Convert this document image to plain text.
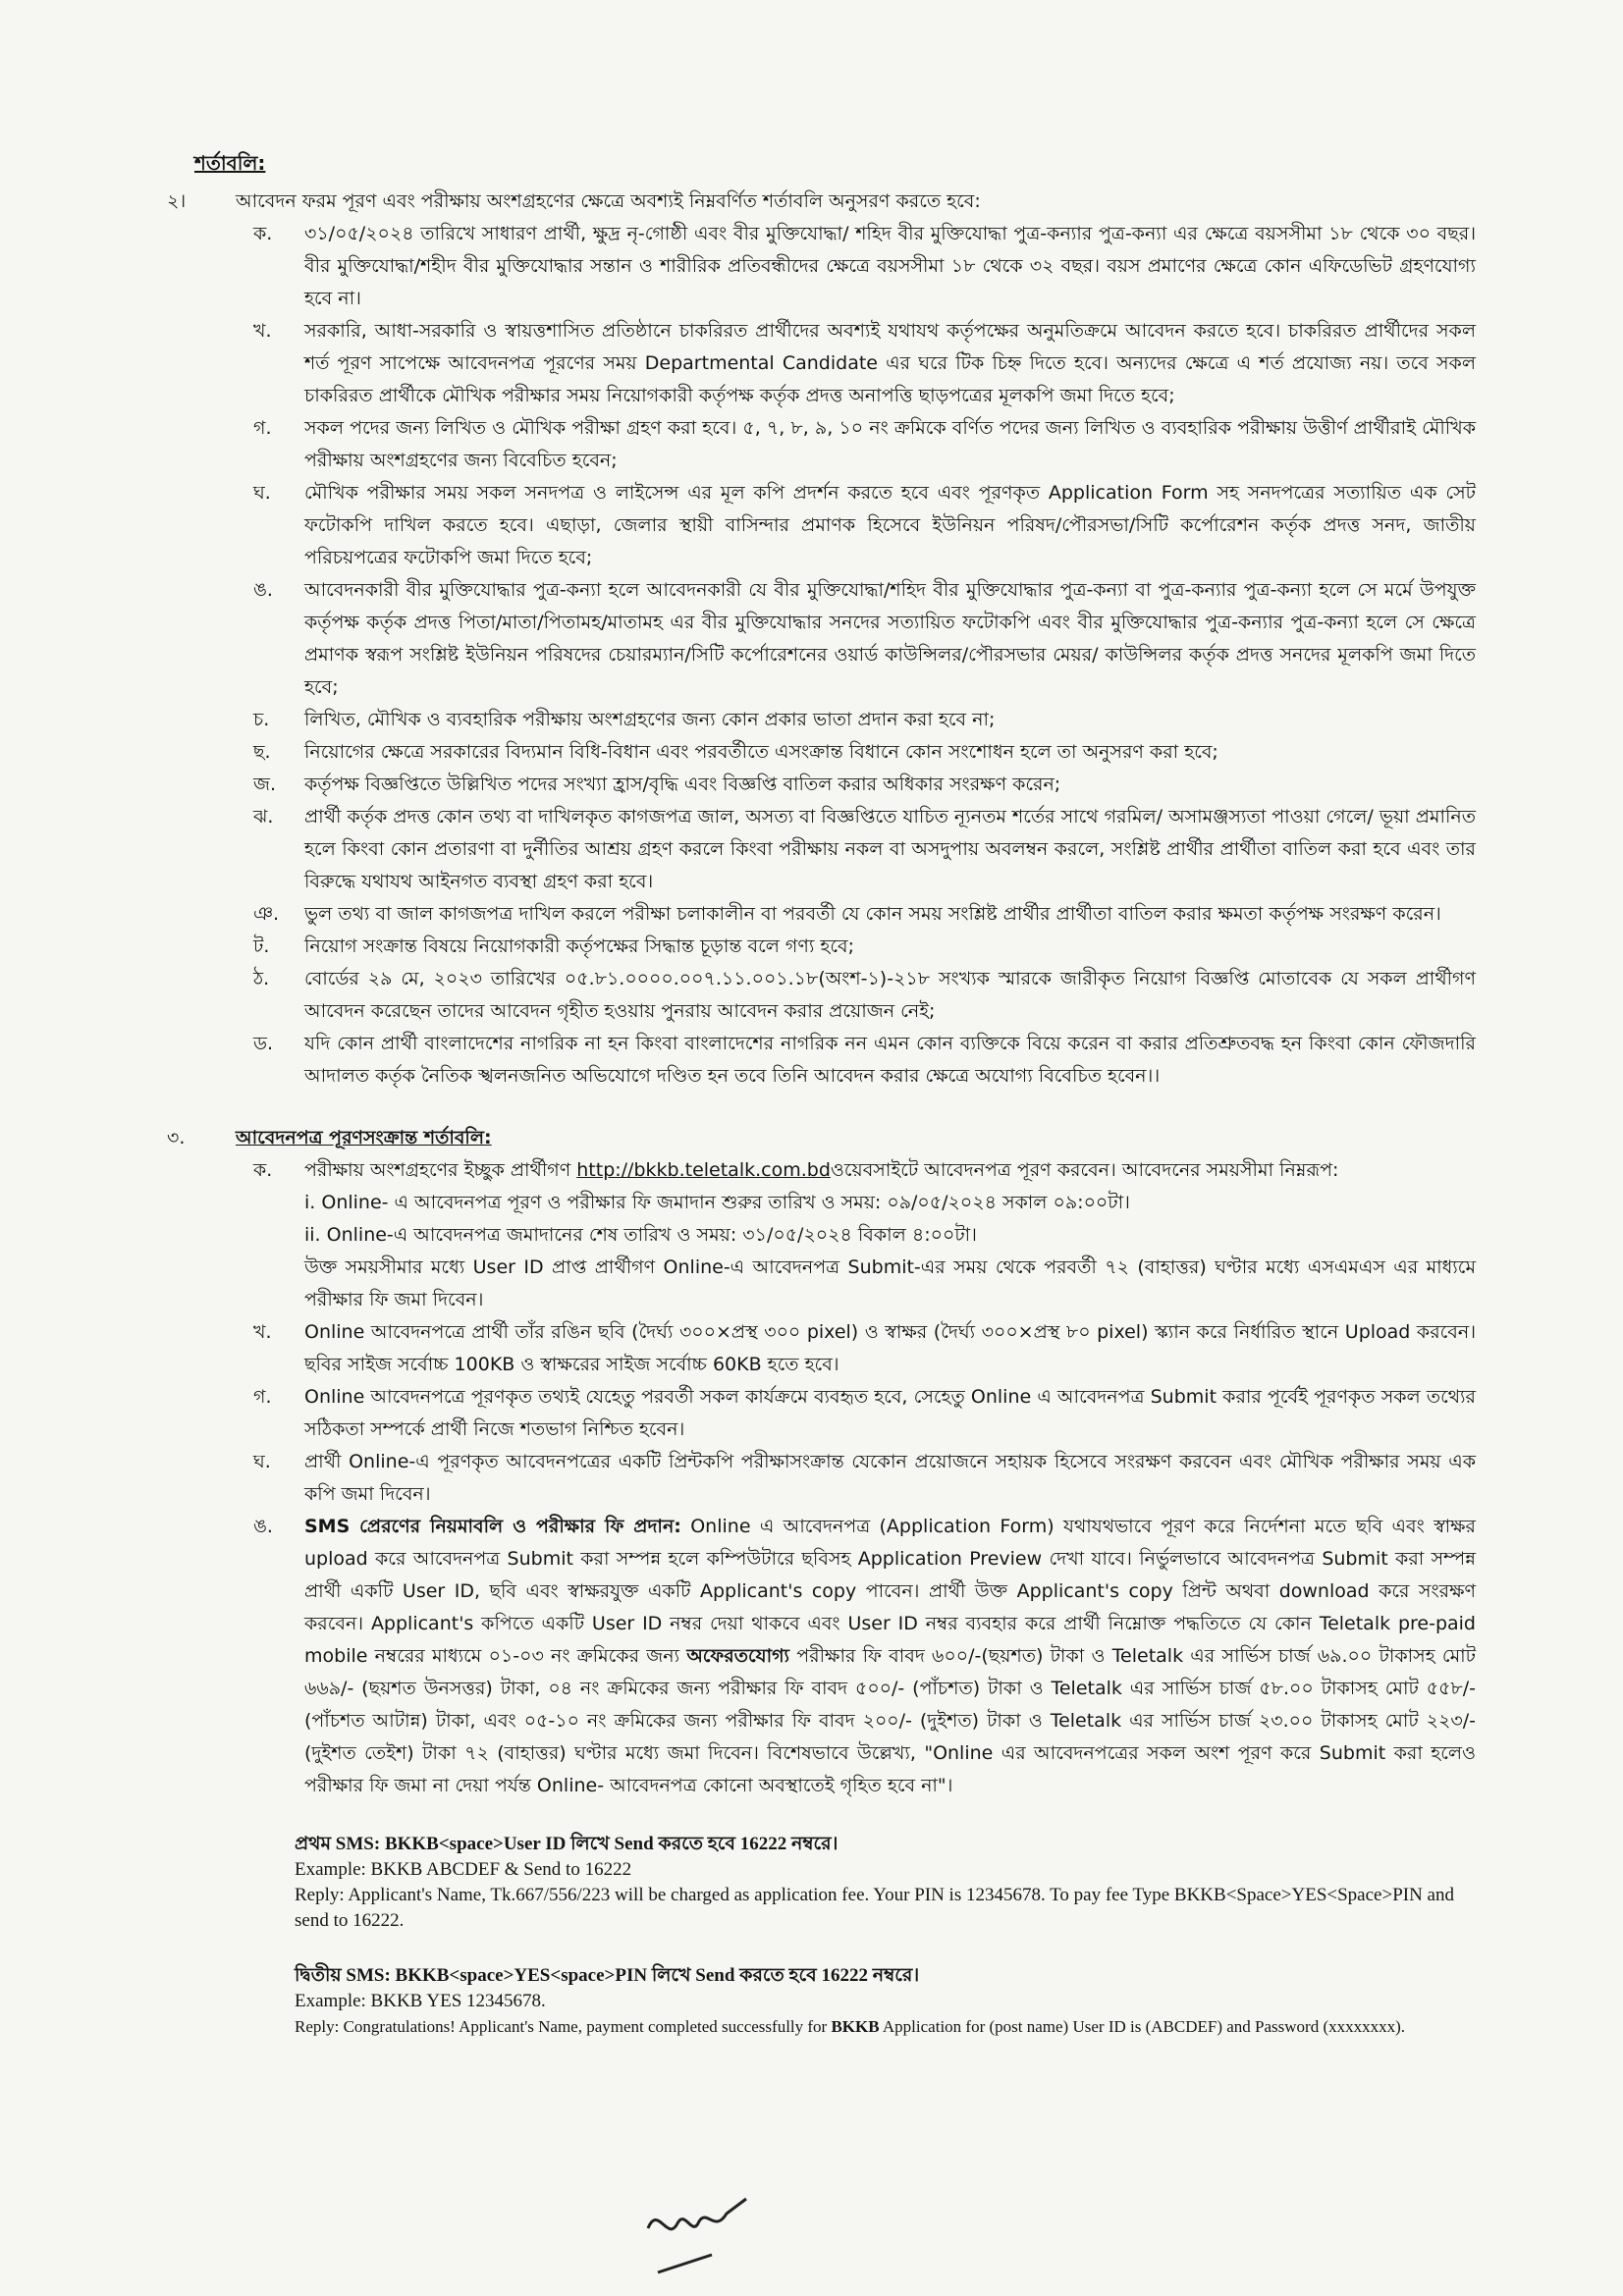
শর্তাবলি:
২।	আবেদন ফরম পূরণ এবং পরীক্ষায় অংশগ্রহণের ক্ষেত্রে অবশ্যই নিম্নবর্ণিত শর্তাবলি অনুসরণ করতে হবে:

ক. ৩১/০৫/২০২৪ তারিখে সাধারণ প্রার্থী, ক্ষুদ্র নৃ-গোষ্ঠী এবং বীর মুক্তিযোদ্ধা/ শহিদ বীর মুক্তিযোদ্ধা পুত্র-কন্যার পুত্র-কন্যা এর ক্ষেত্রে বয়সসীমা ১৮ থেকে ৩০ বছর। বীর মুক্তিযোদ্ধা/শহীদ বীর মুক্তিযোদ্ধার সন্তান ও শারীরিক প্রতিবন্ধীদের ক্ষেত্রে বয়সসীমা ১৮ থেকে ৩২ বছর। বয়স প্রমাণের ক্ষেত্রে কোন এফিডেভিট গ্রহণযোগ্য হবে না।

খ. সরকারি, আধা-সরকারি ও স্বায়ত্তশাসিত প্রতিষ্ঠানে চাকরিরত প্রার্থীদের অবশ্যই যথাযথ কর্তৃপক্ষের অনুমতিক্রমে আবেদন করতে হবে। চাকরিরত প্রার্থীদের সকল শর্ত পূরণ সাপেক্ষে আবেদনপত্র পূরণের সময় Departmental Candidate এর ঘরে টিক চিহ্ন দিতে হবে। অন্যদের ক্ষেত্রে এ শর্ত প্রযোজ্য নয়। তবে সকল চাকরিরত প্রার্থীকে মৌখিক পরীক্ষার সময় নিয়োগকারী কর্তৃপক্ষ কর্তৃক প্রদত্ত অনাপত্তি ছাড়পত্রের মূলকপি জমা দিতে হবে;

গ. সকল পদের জন্য লিখিত ও মৌখিক পরীক্ষা গ্রহণ করা হবে। ৫, ৭, ৮, ৯, ১০ নং ক্রমিকে বর্ণিত পদের জন্য লিখিত ও ব্যবহারিক পরীক্ষায় উত্তীর্ণ প্রার্থীরাই মৌখিক পরীক্ষায় অংশগ্রহণের জন্য বিবেচিত হবেন;

ঘ. মৌখিক পরীক্ষার সময় সকল সনদপত্র ও লাইসেন্স এর মূল কপি প্রদর্শন করতে হবে এবং পূরণকৃত Application Form সহ সনদপত্রের সত্যায়িত এক সেট ফটোকপি দাখিল করতে হবে। এছাড়া, জেলার স্থায়ী বাসিন্দার প্রমাণক হিসেবে ইউনিয়ন পরিষদ/পৌরসভা/সিটি কর্পোরেশন কর্তৃক প্রদত্ত সনদ, জাতীয় পরিচয়পত্রের ফটোকপি জমা দিতে হবে;

ঙ. আবেদনকারী বীর মুক্তিযোদ্ধার পুত্র-কন্যা হলে আবেদনকারী যে বীর মুক্তিযোদ্ধা/শহিদ বীর মুক্তিযোদ্ধার পুত্র-কন্যা বা পুত্র-কন্যার পুত্র-কন্যা হলে সে মর্মে উপযুক্ত কর্তৃপক্ষ কর্তৃক প্রদত্ত পিতা/মাতা/পিতামহ/মাতামহ এর বীর মুক্তিযোদ্ধার সনদের সত্যায়িত ফটোকপি এবং বীর মুক্তিযোদ্ধার পুত্র-কন্যার পুত্র-কন্যা হলে সে ক্ষেত্রে প্রমাণক স্বরূপ সংশ্লিষ্ট ইউনিয়ন পরিষদের চেয়ারম্যান/সিটি কর্পোরেশনের ওয়ার্ড কাউন্সিলর/পৌরসভার মেয়র/ কাউন্সিলর কর্তৃক প্রদত্ত সনদের মূলকপি জমা দিতে হবে;

চ. লিখিত, মৌখিক ও ব্যবহারিক পরীক্ষায় অংশগ্রহণের জন্য কোন প্রকার ভাতা প্রদান করা হবে না;

ছ. নিয়োগের ক্ষেত্রে সরকারের বিদ্যমান বিধি-বিধান এবং পরবর্তীতে এসংক্রান্ত বিধানে কোন সংশোধন হলে তা অনুসরণ করা হবে;

জ. কর্তৃপক্ষ বিজ্ঞপ্তিতে উল্লিখিত পদের সংখ্যা হ্রাস/বৃদ্ধি এবং বিজ্ঞপ্তি বাতিল করার অধিকার সংরক্ষণ করেন;

ঝ. প্রার্থী কর্তৃক প্রদত্ত কোন তথ্য বা দাখিলকৃত কাগজপত্র জাল, অসত্য বা বিজ্ঞপ্তিতে যাচিত ন্যূনতম শর্তের সাথে গরমিল/ অসামঞ্জস্যতা পাওয়া গেলে/ ভূয়া প্রমানিত হলে কিংবা কোন প্রতারণা বা দুর্নীতির আশ্রয় গ্রহণ করলে কিংবা পরীক্ষায় নকল বা অসদুপায় অবলম্বন করলে, সংশ্লিষ্ট প্রার্থীর প্রার্থীতা বাতিল করা হবে এবং তার বিরুদ্ধে যথাযথ আইনগত ব্যবস্থা গ্রহণ করা হবে।

ঞ. ভুল তথ্য বা জাল কাগজপত্র দাখিল করলে পরীক্ষা চলাকালীন বা পরবর্তী যে কোন সময় সংশ্লিষ্ট প্রার্থীর প্রার্থীতা বাতিল করার ক্ষমতা কর্তৃপক্ষ সংরক্ষণ করেন।

ট. নিয়োগ সংক্রান্ত বিষয়ে নিয়োগকারী কর্তৃপক্ষের সিদ্ধান্ত চূড়ান্ত বলে গণ্য হবে;

ঠ. বোর্ডের ২৯ মে, ২০২৩ তারিখের ০৫.৮১.০০০০.০০৭.১১.০০১.১৮(অংশ-১)-২১৮ সংখ্যক স্মারকে জারীকৃত নিয়োগ বিজ্ঞপ্তি মোতাবেক যে সকল প্রার্থীগণ আবেদন করেছেন তাদের আবেদন গৃহীত হওয়ায় পুনরায় আবেদন করার প্রয়োজন নেই;

ড. যদি কোন প্রার্থী বাংলাদেশের নাগরিক না হন কিংবা বাংলাদেশের নাগরিক নন এমন কোন ব্যক্তিকে বিয়ে করেন বা করার প্রতিশ্রুতবদ্ধ হন কিংবা কোন ফৌজদারি আদালত কর্তৃক নৈতিক স্খলনজনিত অভিযোগে দণ্ডিত হন তবে তিনি আবেদন করার ক্ষেত্রে অযোগ্য বিবেচিত হবেন।।

৩.	আবেদনপত্র পূরণসংক্রান্ত শর্তাবলি:

ক. পরীক্ষায় অংশগ্রহণের ইচ্ছুক প্রার্থীগণ http://bkkb.teletalk.com.bdওয়েবসাইটে আবেদনপত্র পূরণ করবেন। আবেদনের সময়সীমা নিম্নরূপ:

i. Online- এ আবেদনপত্র পূরণ ও পরীক্ষার ফি জমাদান শুরুর তারিখ ও সময়: ০৯/০৫/২০২৪ সকাল ০৯:০০টা।

ii. Online-এ আবেদনপত্র জমাদানের শেষ তারিখ ও সময়: ৩১/০৫/২০২৪ বিকাল ৪:০০টা।

উক্ত সময়সীমার মধ্যে User ID প্রাপ্ত প্রার্থীগণ Online-এ আবেদনপত্র Submit-এর সময় থেকে পরবর্তী ৭২ (বাহাত্তর) ঘণ্টার মধ্যে এসএমএস এর মাধ্যমে পরীক্ষার ফি জমা দিবেন।

খ. Online আবেদনপত্রে প্রার্থী তাঁর রঙিন ছবি (দৈর্ঘ্য ৩০০×প্রস্থ ৩০০ pixel) ও স্বাক্ষর (দৈর্ঘ্য ৩০০×প্রস্থ ৮০ pixel) স্ক্যান করে নির্ধারিত স্থানে Upload করবেন। ছবির সাইজ সর্বোচ্চ 100KB ও স্বাক্ষরের সাইজ সর্বোচ্চ 60KB হতে হবে।

গ. Online আবেদনপত্রে পূরণকৃত তথ্যই যেহেতু পরবর্তী সকল কার্যক্রমে ব্যবহৃত হবে, সেহেতু Online এ আবেদনপত্র Submit করার পূর্বেই পূরণকৃত সকল তথ্যের সঠিকতা সম্পর্কে প্রার্থী নিজে শতভাগ নিশ্চিত হবেন।

ঘ. প্রার্থী Online-এ পূরণকৃত আবেদনপত্রের একটি প্রিন্টকপি পরীক্ষাসংক্রান্ত যেকোন প্রয়োজনে সহায়ক হিসেবে সংরক্ষণ করবেন এবং মৌখিক পরীক্ষার সময় এক কপি জমা দিবেন।

ঙ. SMS প্রেরণের নিয়মাবলি ও পরীক্ষার ফি প্রদান: Online এ আবেদনপত্র (Application Form) যথাযথভাবে পূরণ করে নির্দেশনা মতে ছবি এবং স্বাক্ষর upload করে আবেদনপত্র Submit করা সম্পন্ন হলে কম্পিউটারে ছবিসহ Application Preview দেখা যাবে। নির্ভুলভাবে আবেদনপত্র Submit করা সম্পন্ন প্রার্থী একটি User ID, ছবি এবং স্বাক্ষরযুক্ত একটি Applicant's copy পাবেন। প্রার্থী উক্ত Applicant's copy প্রিন্ট অথবা download করে সংরক্ষণ করবেন। Applicant's কপিতে একটি User ID নম্বর দেয়া থাকবে এবং User ID নম্বর ব্যবহার করে প্রার্থী নিম্নোক্ত পদ্ধতিতে যে কোন Teletalk pre-paid mobile নম্বরের মাধ্যমে ০১-০৩ নং ক্রমিকের জন্য অফেরতযোগ্য পরীক্ষার ফি বাবদ ৬০০/-(ছয়শত) টাকা ও Teletalk এর সার্ভিস চার্জ ৬৯.০০ টাকাসহ মোট ৬৬৯/- (ছয়শত উনসত্তর) টাকা, ০৪ নং ক্রমিকের জন্য পরীক্ষার ফি বাবদ ৫০০/- (পাঁচশত) টাকা ও Teletalk এর সার্ভিস চার্জ ৫৮.০০ টাকাসহ মোট ৫৫৮/- (পাঁচশত আটান্ন) টাকা, এবং ০৫-১০ নং ক্রমিকের জন্য পরীক্ষার ফি বাবদ ২০০/- (দুইশত) টাকা ও Teletalk এর সার্ভিস চার্জ ২৩.০০ টাকাসহ মোট ২২৩/- (দুইশত তেইশ) টাকা ৭২ (বাহাত্তর) ঘণ্টার মধ্যে জমা দিবেন। বিশেষভাবে উল্লেখ্য, "Online এর আবেদনপত্রের সকল অংশ পূরণ করে Submit করা হলেও পরীক্ষার ফি জমা না দেয়া পর্যন্ত Online- আবেদনপত্র কোনো অবস্থাতেই গৃহিত হবে না"।

প্রথম SMS: BKKB<space>User ID লিখে Send করতে হবে 16222 নম্বরে।

Example: BKKB ABCDEF & Send to 16222

Reply: Applicant's Name, Tk.667/556/223 will be charged as application fee. Your PIN is 12345678. To pay fee Type BKKB<Space>YES<Space>PIN and send to 16222.

দ্বিতীয় SMS: BKKB<space>YES<space>PIN লিখে Send করতে হবে 16222 নম্বরে।

Example: BKKB YES 12345678.

Reply: Congratulations! Applicant's Name, payment completed successfully for BKKB Application for (post name) User ID is (ABCDEF) and Password (xxxxxxxx).
